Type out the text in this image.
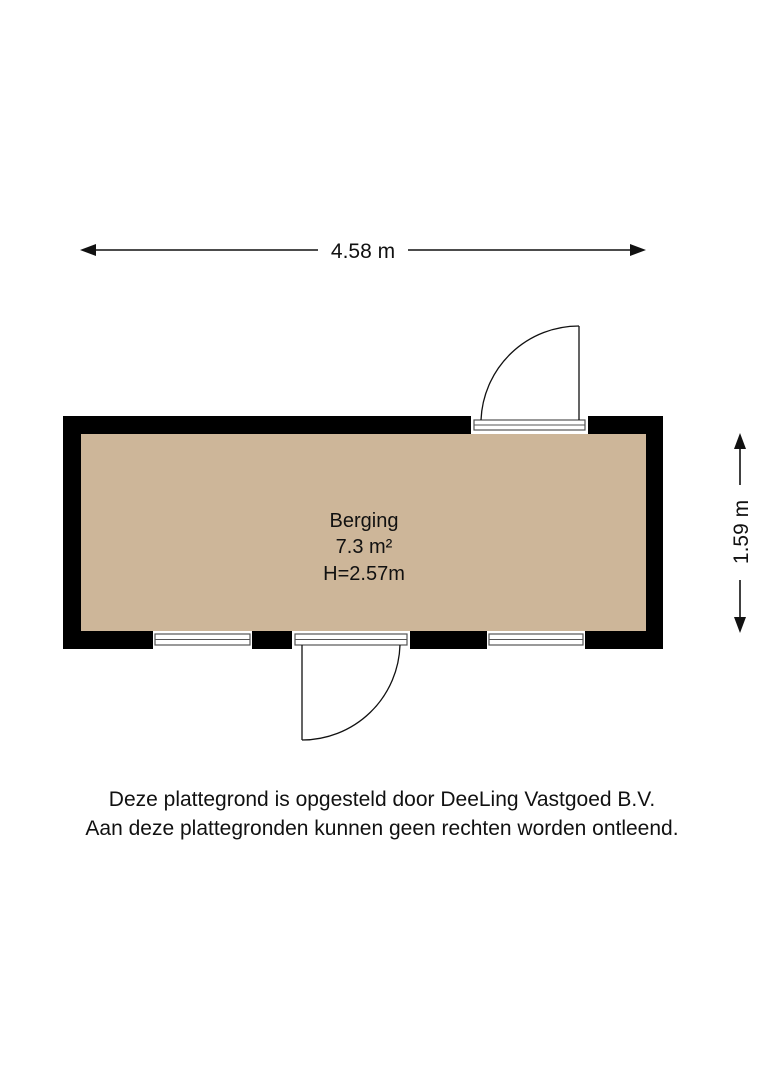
4.58 m
1.59 m
Berging
7.3 m²
H=2.57m
Deze plattegrond is opgesteld door DeeLing Vastgoed B.V.
Aan deze plattegronden kunnen geen rechten worden ontleend.
